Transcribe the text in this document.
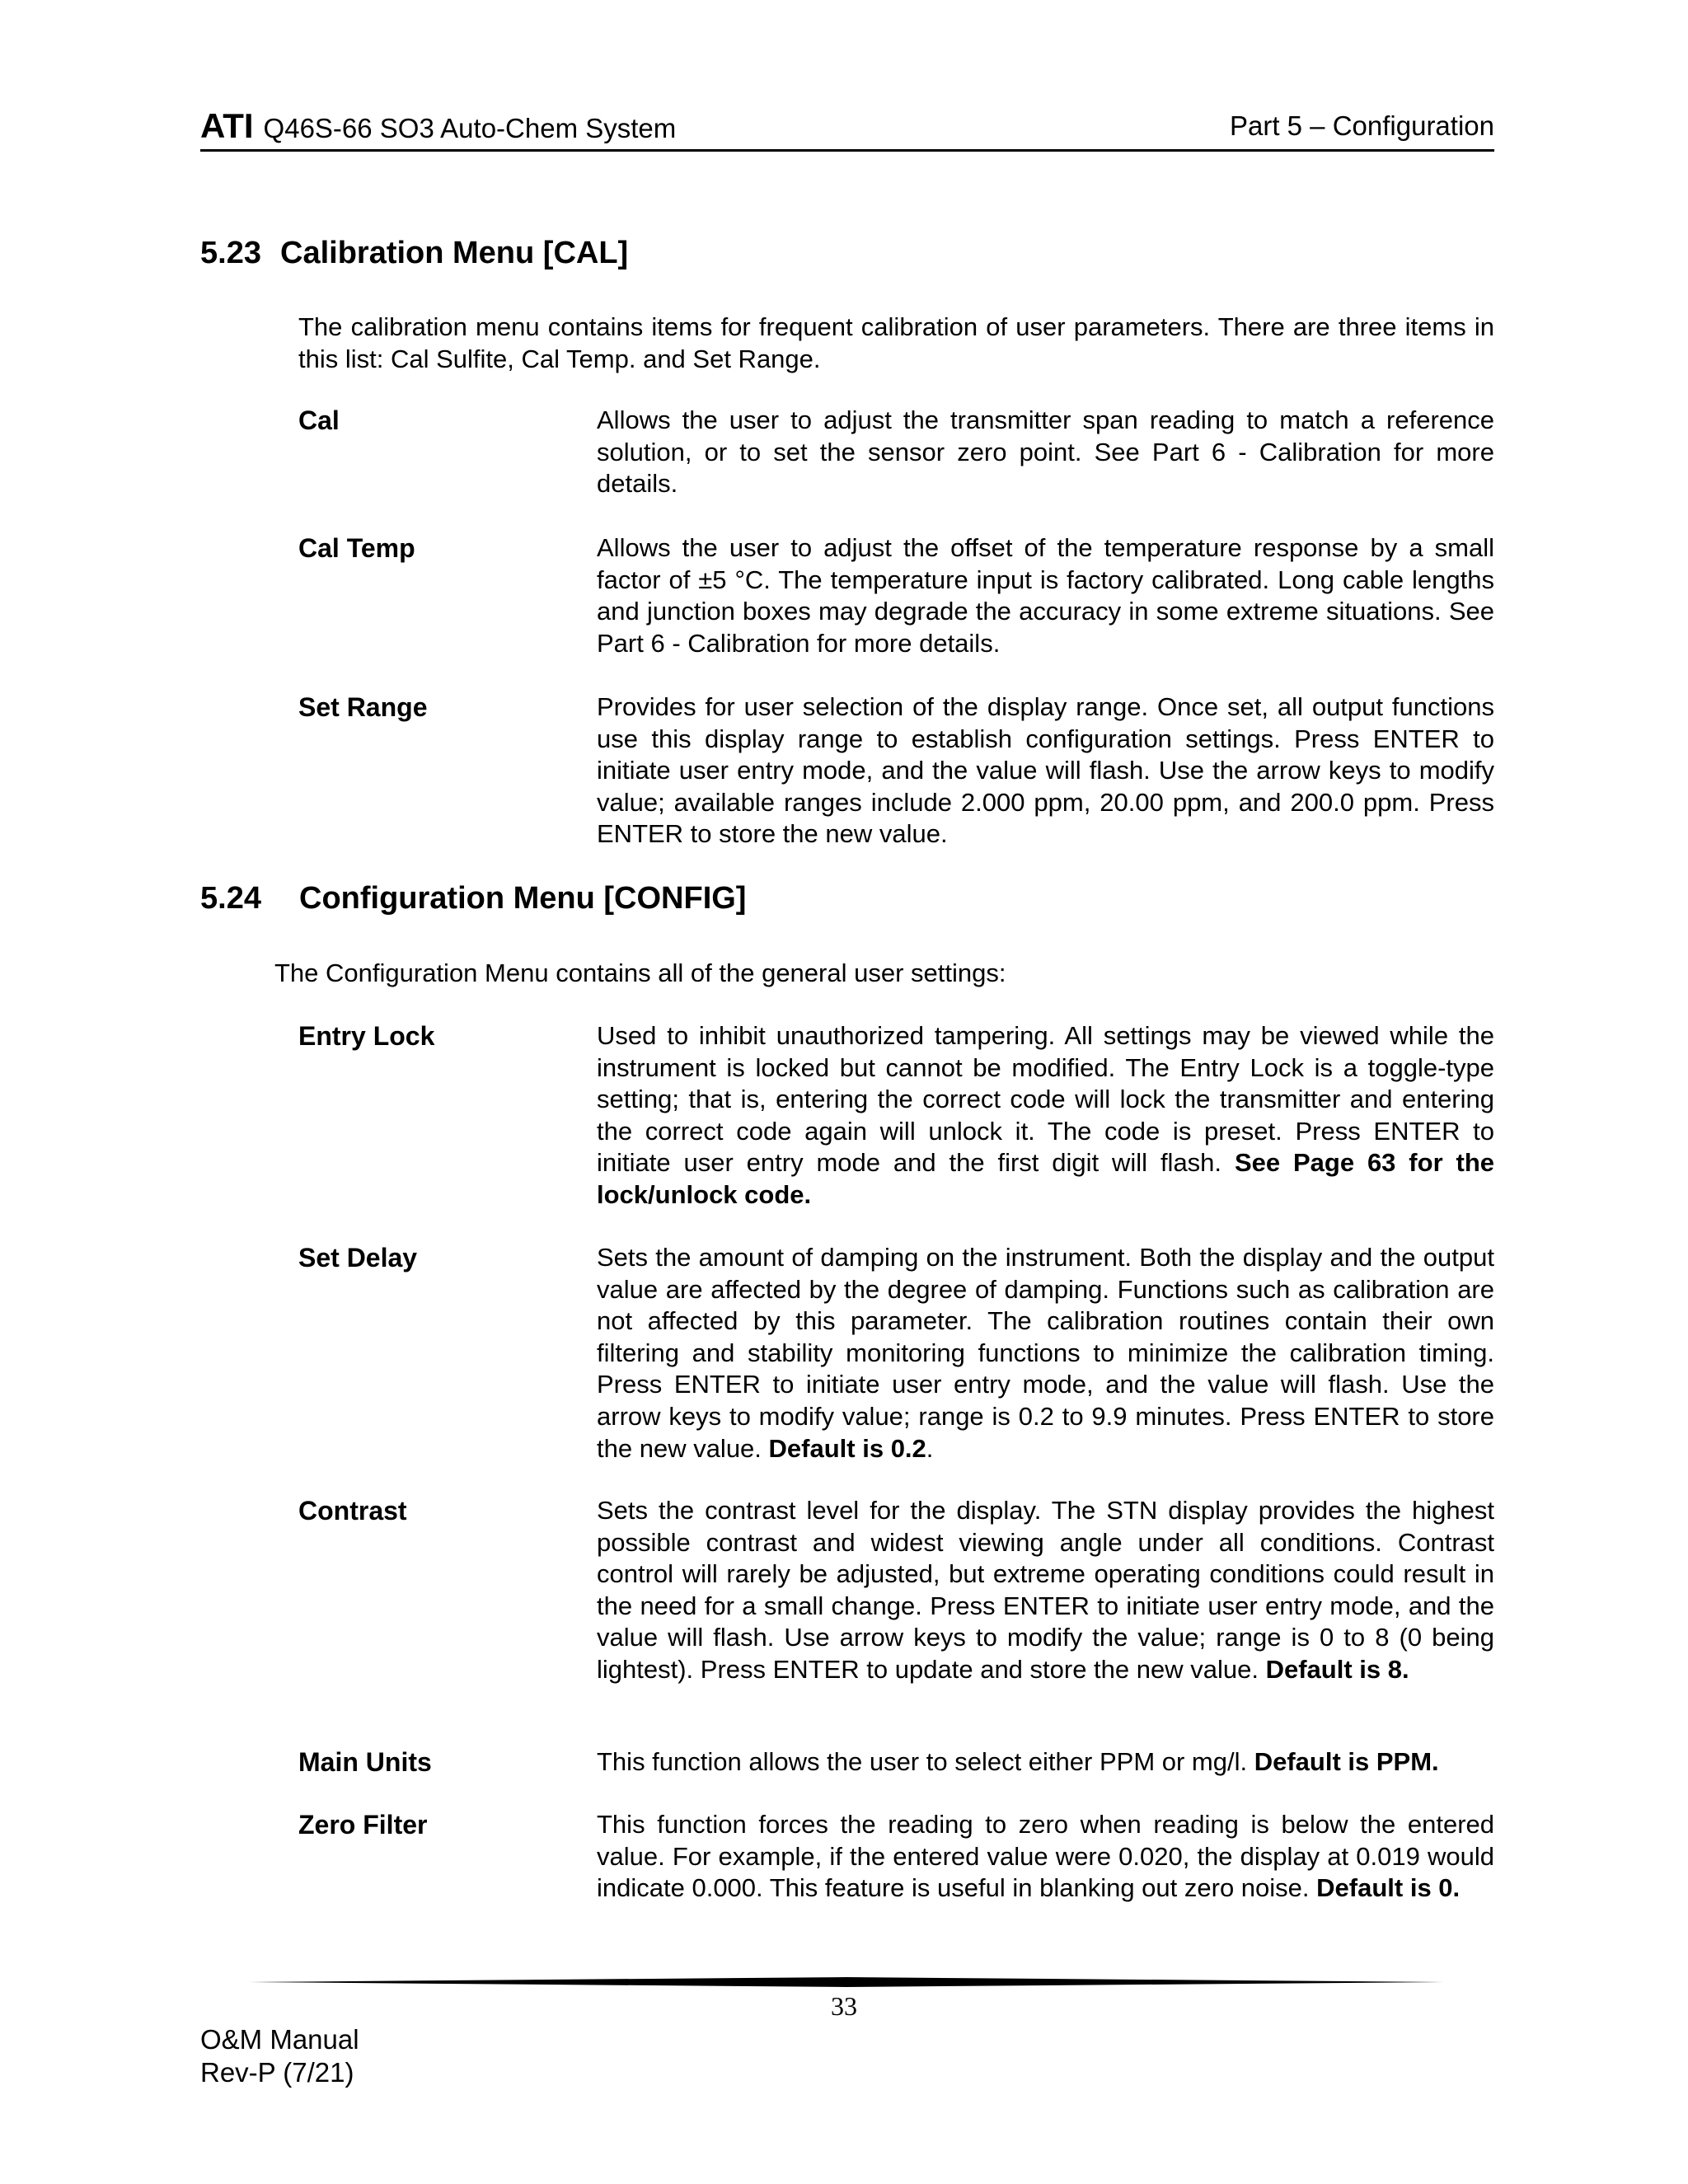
ATI Q46S-66 SO3 Auto-Chem System	Part 5 – Configuration
5.23 Calibration Menu [CAL]

The calibration menu contains items for frequent calibration of user parameters. There are three items in this list: Cal Sulfite, Cal Temp. and Set Range.

Cal	Allows the user to adjust the transmitter span reading to match a reference solution, or to set the sensor zero point. See Part 6 - Calibration for more details.

Cal Temp	Allows the user to adjust the offset of the temperature response by a small factor of ±5 °C. The temperature input is factory calibrated. Long cable lengths and junction boxes may degrade the accuracy in some extreme situations. See Part 6 - Calibration for more details.

Set Range	Provides for user selection of the display range. Once set, all output functions use this display range to establish configuration settings. Press ENTER to initiate user entry mode, and the value will flash. Use the arrow keys to modify value; available ranges include 2.000 ppm, 20.00 ppm, and 200.0 ppm. Press ENTER to store the new value.

5.24 Configuration Menu [CONFIG]

The Configuration Menu contains all of the general user settings:

Entry Lock	Used to inhibit unauthorized tampering. All settings may be viewed while the instrument is locked but cannot be modified. The Entry Lock is a toggle-type setting; that is, entering the correct code will lock the transmitter and entering the correct code again will unlock it. The code is preset. Press ENTER to initiate user entry mode and the first digit will flash. See Page 63 for the lock/unlock code.

Set Delay	Sets the amount of damping on the instrument. Both the display and the output value are affected by the degree of damping. Functions such as calibration are not affected by this parameter. The calibration routines contain their own filtering and stability monitoring functions to minimize the calibration timing. Press ENTER to initiate user entry mode, and the value will flash. Use the arrow keys to modify value; range is 0.2 to 9.9 minutes. Press ENTER to store the new value. Default is 0.2.

Contrast	Sets the contrast level for the display. The STN display provides the highest possible contrast and widest viewing angle under all conditions. Contrast control will rarely be adjusted, but extreme operating conditions could result in the need for a small change. Press ENTER to initiate user entry mode, and the value will flash. Use arrow keys to modify the value; range is 0 to 8 (0 being lightest). Press ENTER to update and store the new value. Default is 8.

Main Units	This function allows the user to select either PPM or mg/l. Default is PPM.

Zero Filter	This function forces the reading to zero when reading is below the entered value. For example, if the entered value were 0.020, the display at 0.019 would indicate 0.000. This feature is useful in blanking out zero noise. Default is 0.

33
O&M Manual
Rev-P (7/21)
